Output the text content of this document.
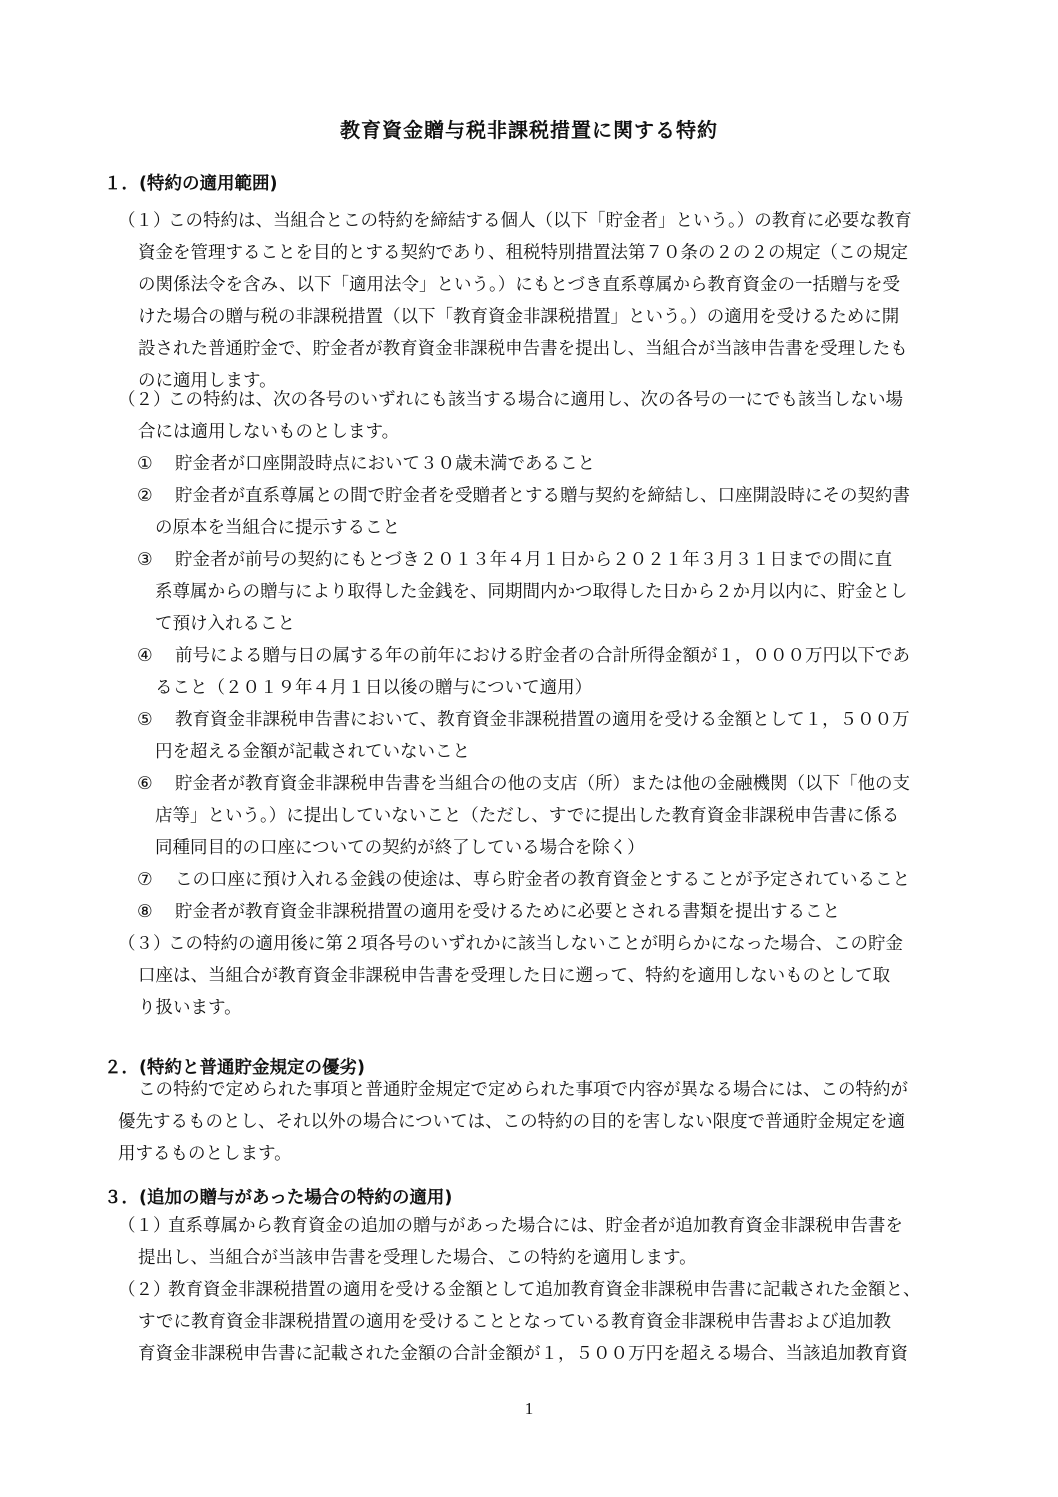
教育資金贈与税非課税措置に関する特約
１．(特約の適用範囲)
（１）
この特約は、当組合とこの特約を締結する個人（以下「貯金者」という。）の教育に必要な教育
資金を管理することを目的とする契約であり、租税特別措置法第７０条の２の２の規定（この規定
の関係法令を含み、以下「適用法令」という。）にもとづき直系尊属から教育資金の一括贈与を受
けた場合の贈与税の非課税措置（以下「教育資金非課税措置」という。）の適用を受けるために開
設された普通貯金で、貯金者が教育資金非課税申告書を提出し、当組合が当該申告書を受理したも
のに適用します。
（２）
この特約は、次の各号のいずれにも該当する場合に適用し、次の各号の一にでも該当しない場
合には適用しないものとします。
① 貯金者が口座開設時点において３０歳未満であること
② 貯金者が直系尊属との間で貯金者を受贈者とする贈与契約を締結し、口座開設時にその契約書
の原本を当組合に提示すること
③ 貯金者が前号の契約にもとづき２０１３年４月１日から２０２１年３月３１日までの間に直
系尊属からの贈与により取得した金銭を、同期間内かつ取得した日から２か月以内に、貯金とし
て預け入れること
④ 前号による贈与日の属する年の前年における貯金者の合計所得金額が１，０００万円以下であ
ること（２０１９年４月１日以後の贈与について適用）
⑤ 教育資金非課税申告書において、教育資金非課税措置の適用を受ける金額として１，５００万
円を超える金額が記載されていないこと
⑥ 貯金者が教育資金非課税申告書を当組合の他の支店（所）または他の金融機関（以下「他の支
店等」という。）に提出していないこと（ただし、すでに提出した教育資金非課税申告書に係る
同種同目的の口座についての契約が終了している場合を除く）
⑦ この口座に預け入れる金銭の使途は、専ら貯金者の教育資金とすることが予定されていること
⑧ 貯金者が教育資金非課税措置の適用を受けるために必要とされる書類を提出すること
（３）
この特約の適用後に第２項各号のいずれかに該当しないことが明らかになった場合、この貯金
口座は、当組合が教育資金非課税申告書を受理した日に遡って、特約を適用しないものとして取
り扱います。
２．(特約と普通貯金規定の優劣)
この特約で定められた事項と普通貯金規定で定められた事項で内容が異なる場合には、この特約が
優先するものとし、それ以外の場合については、この特約の目的を害しない限度で普通貯金規定を適
用するものとします。
３．(追加の贈与があった場合の特約の適用)
（１）
直系尊属から教育資金の追加の贈与があった場合には、貯金者が追加教育資金非課税申告書を
提出し、当組合が当該申告書を受理した場合、この特約を適用します。
（２）
教育資金非課税措置の適用を受ける金額として追加教育資金非課税申告書に記載された金額と、
すでに教育資金非課税措置の適用を受けることとなっている教育資金非課税申告書および追加教
育資金非課税申告書に記載された金額の合計金額が１，５００万円を超える場合、当該追加教育資
1
